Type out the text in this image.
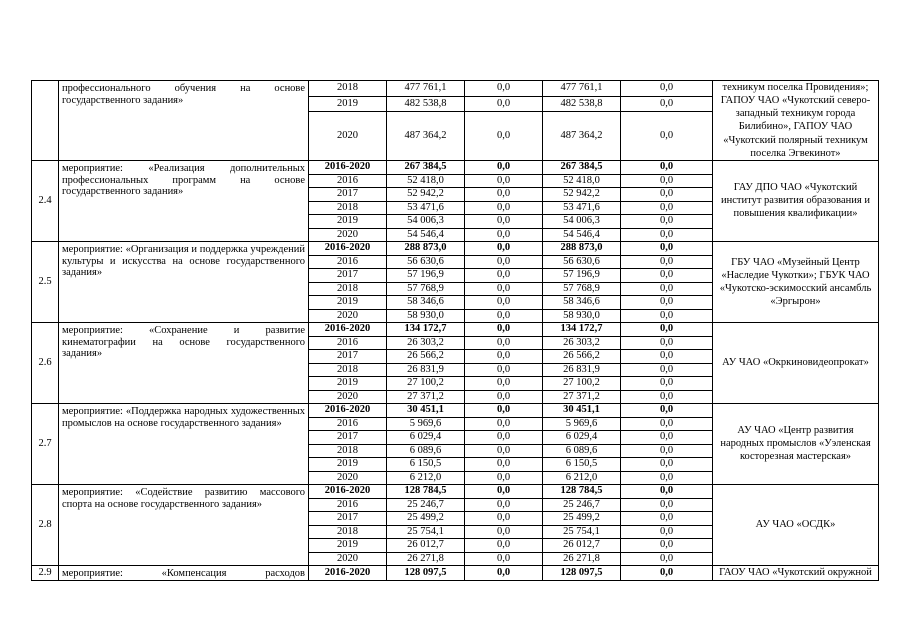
	профессионального обучения на основе государственного задания»	2018	477 761,1	0,0	477 761,1	0,0	техникум поселка Провидения»; ГАПОУ ЧАО «Чукотский северо-западный техникум города Билибино», ГАПОУ ЧАО «Чукотский полярный техникум поселка Эгвекинот»
		2019	482 538,8	0,0	482 538,8	0,0	
		2020	487 364,2	0,0	487 364,2	0,0	
2.4	мероприятие: «Реализация дополнительных профессиональных программ на основе государственного задания»	2016-2020	267 384,5	0,0	267 384,5	0,0	ГАУ ДПО ЧАО «Чукотский институт развития образования и повышения квалификации»
		2016	52 418,0	0,0	52 418,0	0,0	
		2017	52 942,2	0,0	52 942,2	0,0	
		2018	53 471,6	0,0	53 471,6	0,0	
		2019	54 006,3	0,0	54 006,3	0,0	
		2020	54 546,4	0,0	54 546,4	0,0	
2.5	мероприятие: «Организация и поддержка учреждений культуры и искусства на основе государственного задания»	2016-2020	288 873,0	0,0	288 873,0	0,0	ГБУ ЧАО «Музейный Центр «Наследие Чукотки»; ГБУК ЧАО «Чукотско-эскимосский ансамбль «Эргырон»
		2016	56 630,6	0,0	56 630,6	0,0	
		2017	57 196,9	0,0	57 196,9	0,0	
		2018	57 768,9	0,0	57 768,9	0,0	
		2019	58 346,6	0,0	58 346,6	0,0	
		2020	58 930,0	0,0	58 930,0	0,0	
2.6	мероприятие: «Сохранение и развитие кинематографии на основе государственного задания»	2016-2020	134 172,7	0,0	134 172,7	0,0	АУ ЧАО «Окркиновидеопрокат»
		2016	26 303,2	0,0	26 303,2	0,0	
		2017	26 566,2	0,0	26 566,2	0,0	
		2018	26 831,9	0,0	26 831,9	0,0	
		2019	27 100,2	0,0	27 100,2	0,0	
		2020	27 371,2	0,0	27 371,2	0,0	
2.7	мероприятие: «Поддержка народных художественных промыслов на основе государственного задания»	2016-2020	30 451,1	0,0	30 451,1	0,0	АУ ЧАО «Центр развития народных промыслов «Уэленская косторезная мастерская»
		2016	5 969,6	0,0	5 969,6	0,0	
		2017	6 029,4	0,0	6 029,4	0,0	
		2018	6 089,6	0,0	6 089,6	0,0	
		2019	6 150,5	0,0	6 150,5	0,0	
		2020	6 212,0	0,0	6 212,0	0,0	
2.8	мероприятие: «Содействие развитию массового спорта на основе государственного задания»	2016-2020	128 784,5	0,0	128 784,5	0,0	АУ ЧАО «ОСДК»
		2016	25 246,7	0,0	25 246,7	0,0	
		2017	25 499,2	0,0	25 499,2	0,0	
		2018	25 754,1	0,0	25 754,1	0,0	
		2019	26 012,7	0,0	26 012,7	0,0	
		2020	26 271,8	0,0	26 271,8	0,0	
2.9	мероприятие: «Компенсация расходов	2016-2020	128 097,5	0,0	128 097,5	0,0	ГАОУ ЧАО «Чукотский окружной
